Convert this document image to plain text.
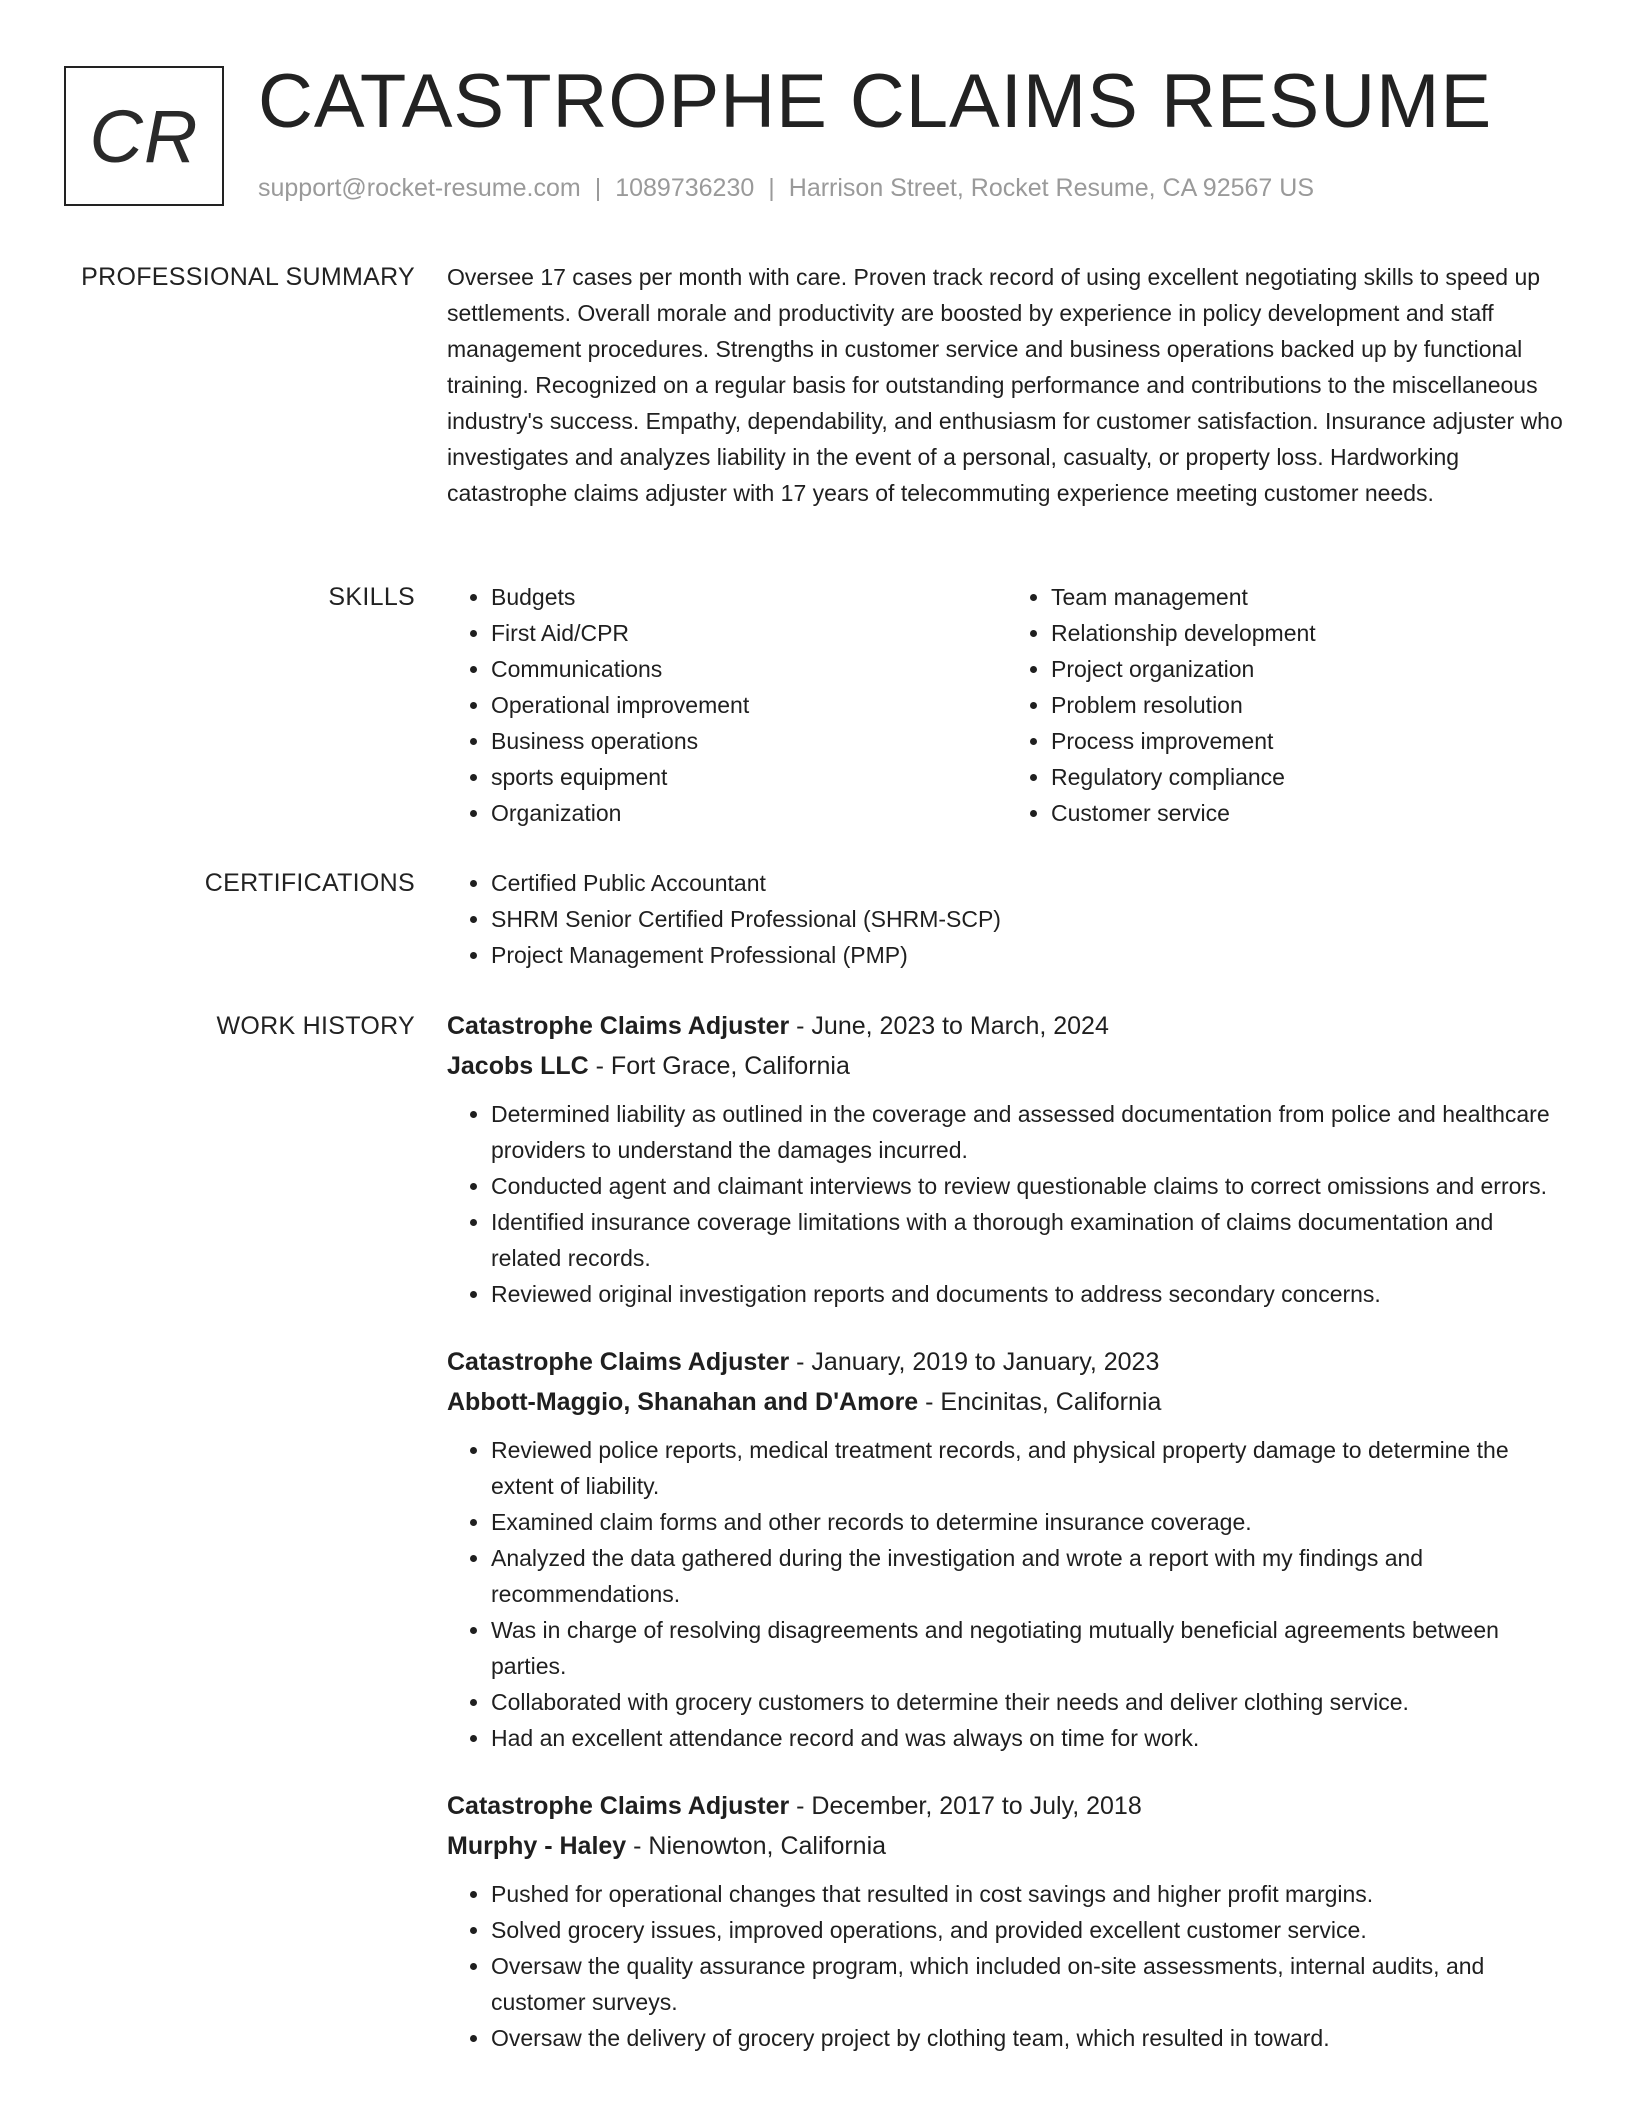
CR CATASTROPHE CLAIMS RESUME
support@rocket-resume.com | 1089736230 | Harrison Street, Rocket Resume, CA 92567 US
PROFESSIONAL SUMMARY Oversee 17 cases per month with care. Proven track record of using excellent negotiating skills to speed up settlements. Overall morale and productivity are boosted by experience in policy development and staff management procedures. Strengths in customer service and business operations backed up by functional training. Recognized on a regular basis for outstanding performance and contributions to the miscellaneous industry's success. Empathy, dependability, and enthusiasm for customer satisfaction. Insurance adjuster who investigates and analyzes liability in the event of a personal, casualty, or property loss. Hardworking catastrophe claims adjuster with 17 years of telecommuting experience meeting customer needs.

SKILLS	• Budgets
• First Aid/CPR
• Communications
• Operational improvement
• Business operations
• sports equipment
• Organization
• Team management
• Relationship development
• Project organization
• Problem resolution
• Process improvement
• Regulatory compliance
• Customer service
CERTIFICATIONS	• Certified Public Accountant
• SHRM Senior Certified Professional (SHRM-SCP)
• Project Management Professional (PMP)
WORK HISTORY Catastrophe Claims Adjuster - June, 2023 to March, 2024
Jacobs LLC - Fort Grace, California
• Determined liability as outlined in the coverage and assessed documentation from police and healthcare providers to understand the damages incurred.
• Conducted agent and claimant interviews to review questionable claims to correct omissions and errors.
• Identified insurance coverage limitations with a thorough examination of claims documentation and related records.
• Reviewed original investigation reports and documents to address secondary concerns.
Catastrophe Claims Adjuster - January, 2019 to January, 2023
Abbott-Maggio, Shanahan and D'Amore - Encinitas, California
• Reviewed police reports, medical treatment records, and physical property damage to determine the extent of liability.
• Examined claim forms and other records to determine insurance coverage.
• Analyzed the data gathered during the investigation and wrote a report with my findings and recommendations.
• Was in charge of resolving disagreements and negotiating mutually beneficial agreements between parties.
• Collaborated with grocery customers to determine their needs and deliver clothing service.
• Had an excellent attendance record and was always on time for work.
Catastrophe Claims Adjuster - December, 2017 to July, 2018
Murphy - Haley - Nienowton, California
• Pushed for operational changes that resulted in cost savings and higher profit margins.
• Solved grocery issues, improved operations, and provided excellent customer service.
• Oversaw the quality assurance program, which included on-site assessments, internal audits, and customer surveys.
• Oversaw the delivery of grocery project by clothing team, which resulted in toward.
